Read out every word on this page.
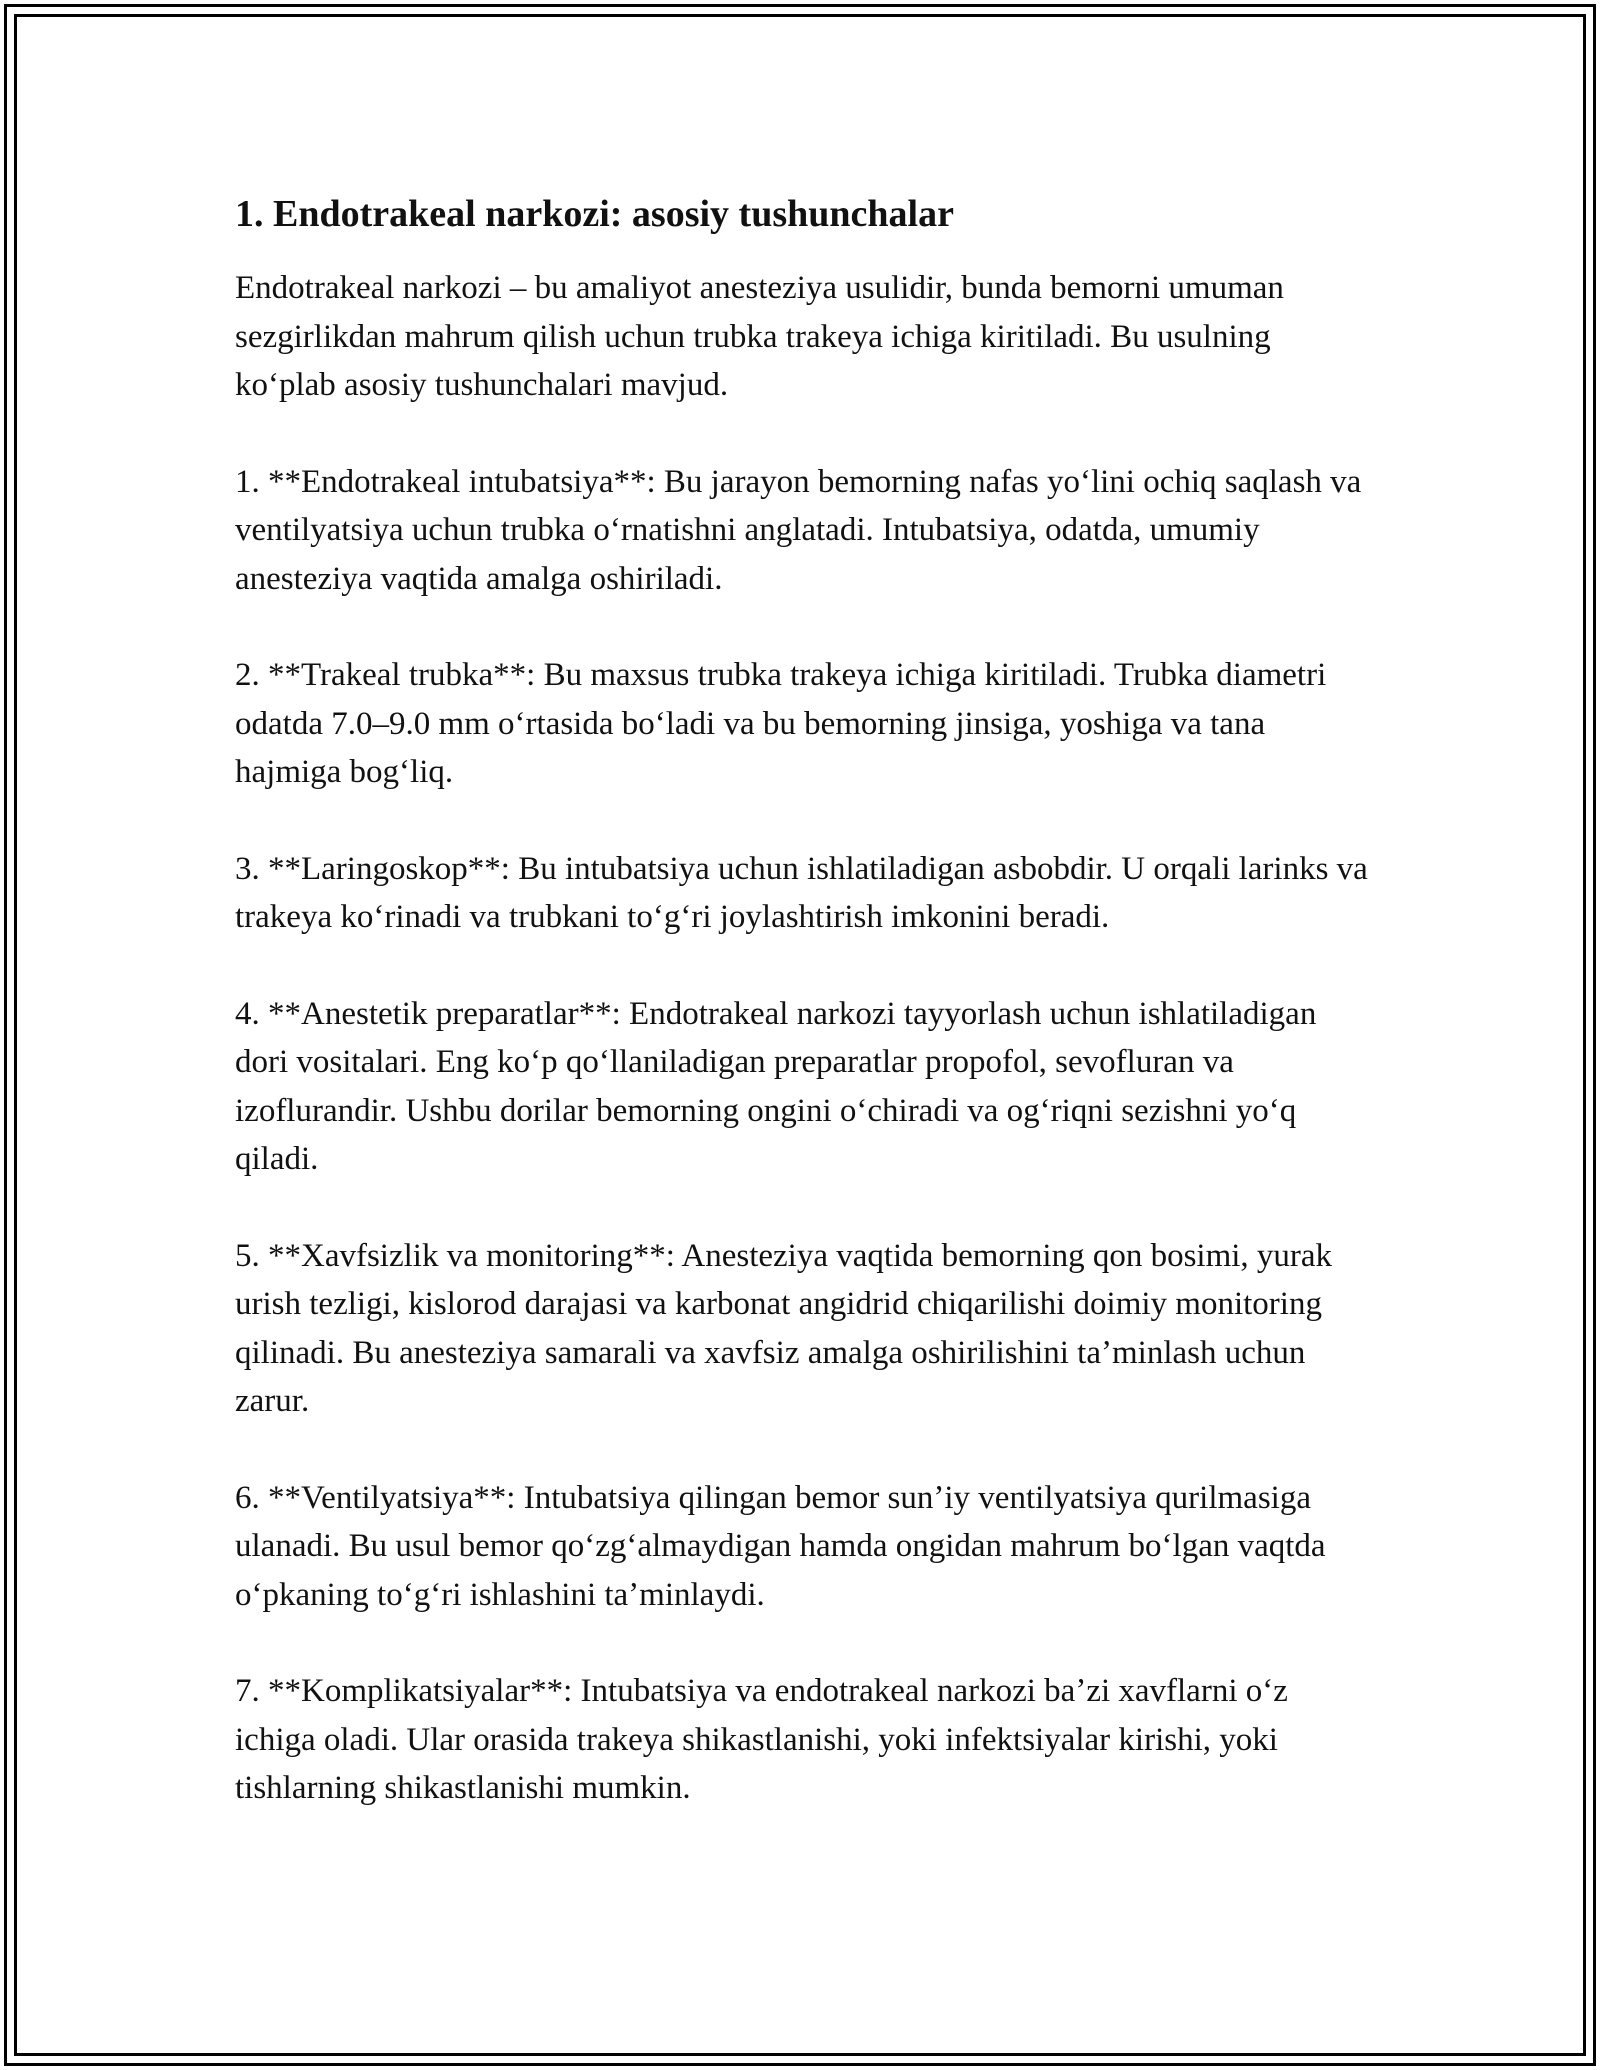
1. Endotrakeal narkozi: asosiy tushunchalar

Endotrakeal narkozi – bu amaliyot anesteziya usulidir, bunda bemorni umuman sezgirlikdan mahrum qilish uchun trubka trakeya ichiga kiritiladi. Bu usulning koʻplab asosiy tushunchalari mavjud.

1. **Endotrakeal intubatsiya**: Bu jarayon bemorning nafas yoʻlini ochiq saqlash va ventilyatsiya uchun trubka oʻrnatishni anglatadi. Intubatsiya, odatda, umumiy anesteziya vaqtida amalga oshiriladi.

2. **Trakeal trubka**: Bu maxsus trubka trakeya ichiga kiritiladi. Trubka diametri odatda 7.0–9.0 mm oʻrtasida boʻladi va bu bemorning jinsiga, yoshiga va tana hajmiga bogʻliq.

3. **Laringoskop**: Bu intubatsiya uchun ishlatiladigan asbobdir. U orqali larinks va trakeya koʻrinadi va trubkani toʻgʻri joylashtirish imkonini beradi.

4. **Anestetik preparatlar**: Endotrakeal narkozi tayyorlash uchun ishlatiladigan dori vositalari. Eng koʻp qoʻllaniladigan preparatlar propofol, sevofluran va izoflurandir. Ushbu dorilar bemorning ongini oʻchiradi va ogʻriqni sezishni yoʻq qiladi.

5. **Xavfsizlik va monitoring**: Anesteziya vaqtida bemorning qon bosimi, yurak urish tezligi, kislorod darajasi va karbonat angidrid chiqarilishi doimiy monitoring qilinadi. Bu anesteziya samarali va xavfsiz amalga oshirilishini taʼminlash uchun zarur.

6. **Ventilyatsiya**: Intubatsiya qilingan bemor sunʼiy ventilyatsiya qurilmasiga ulanadi. Bu usul bemor qoʻzgʻalmaydigan hamda ongidan mahrum boʻlgan vaqtda oʻpkaning toʻgʻri ishlashini taʼminlaydi.

7. **Komplikatsiyalar**: Intubatsiya va endotrakeal narkozi baʼzi xavflarni oʻz ichiga oladi. Ular orasida trakeya shikastlanishi, yoki infektsiyalar kirishi, yoki tishlarning shikastlanishi mumkin.
